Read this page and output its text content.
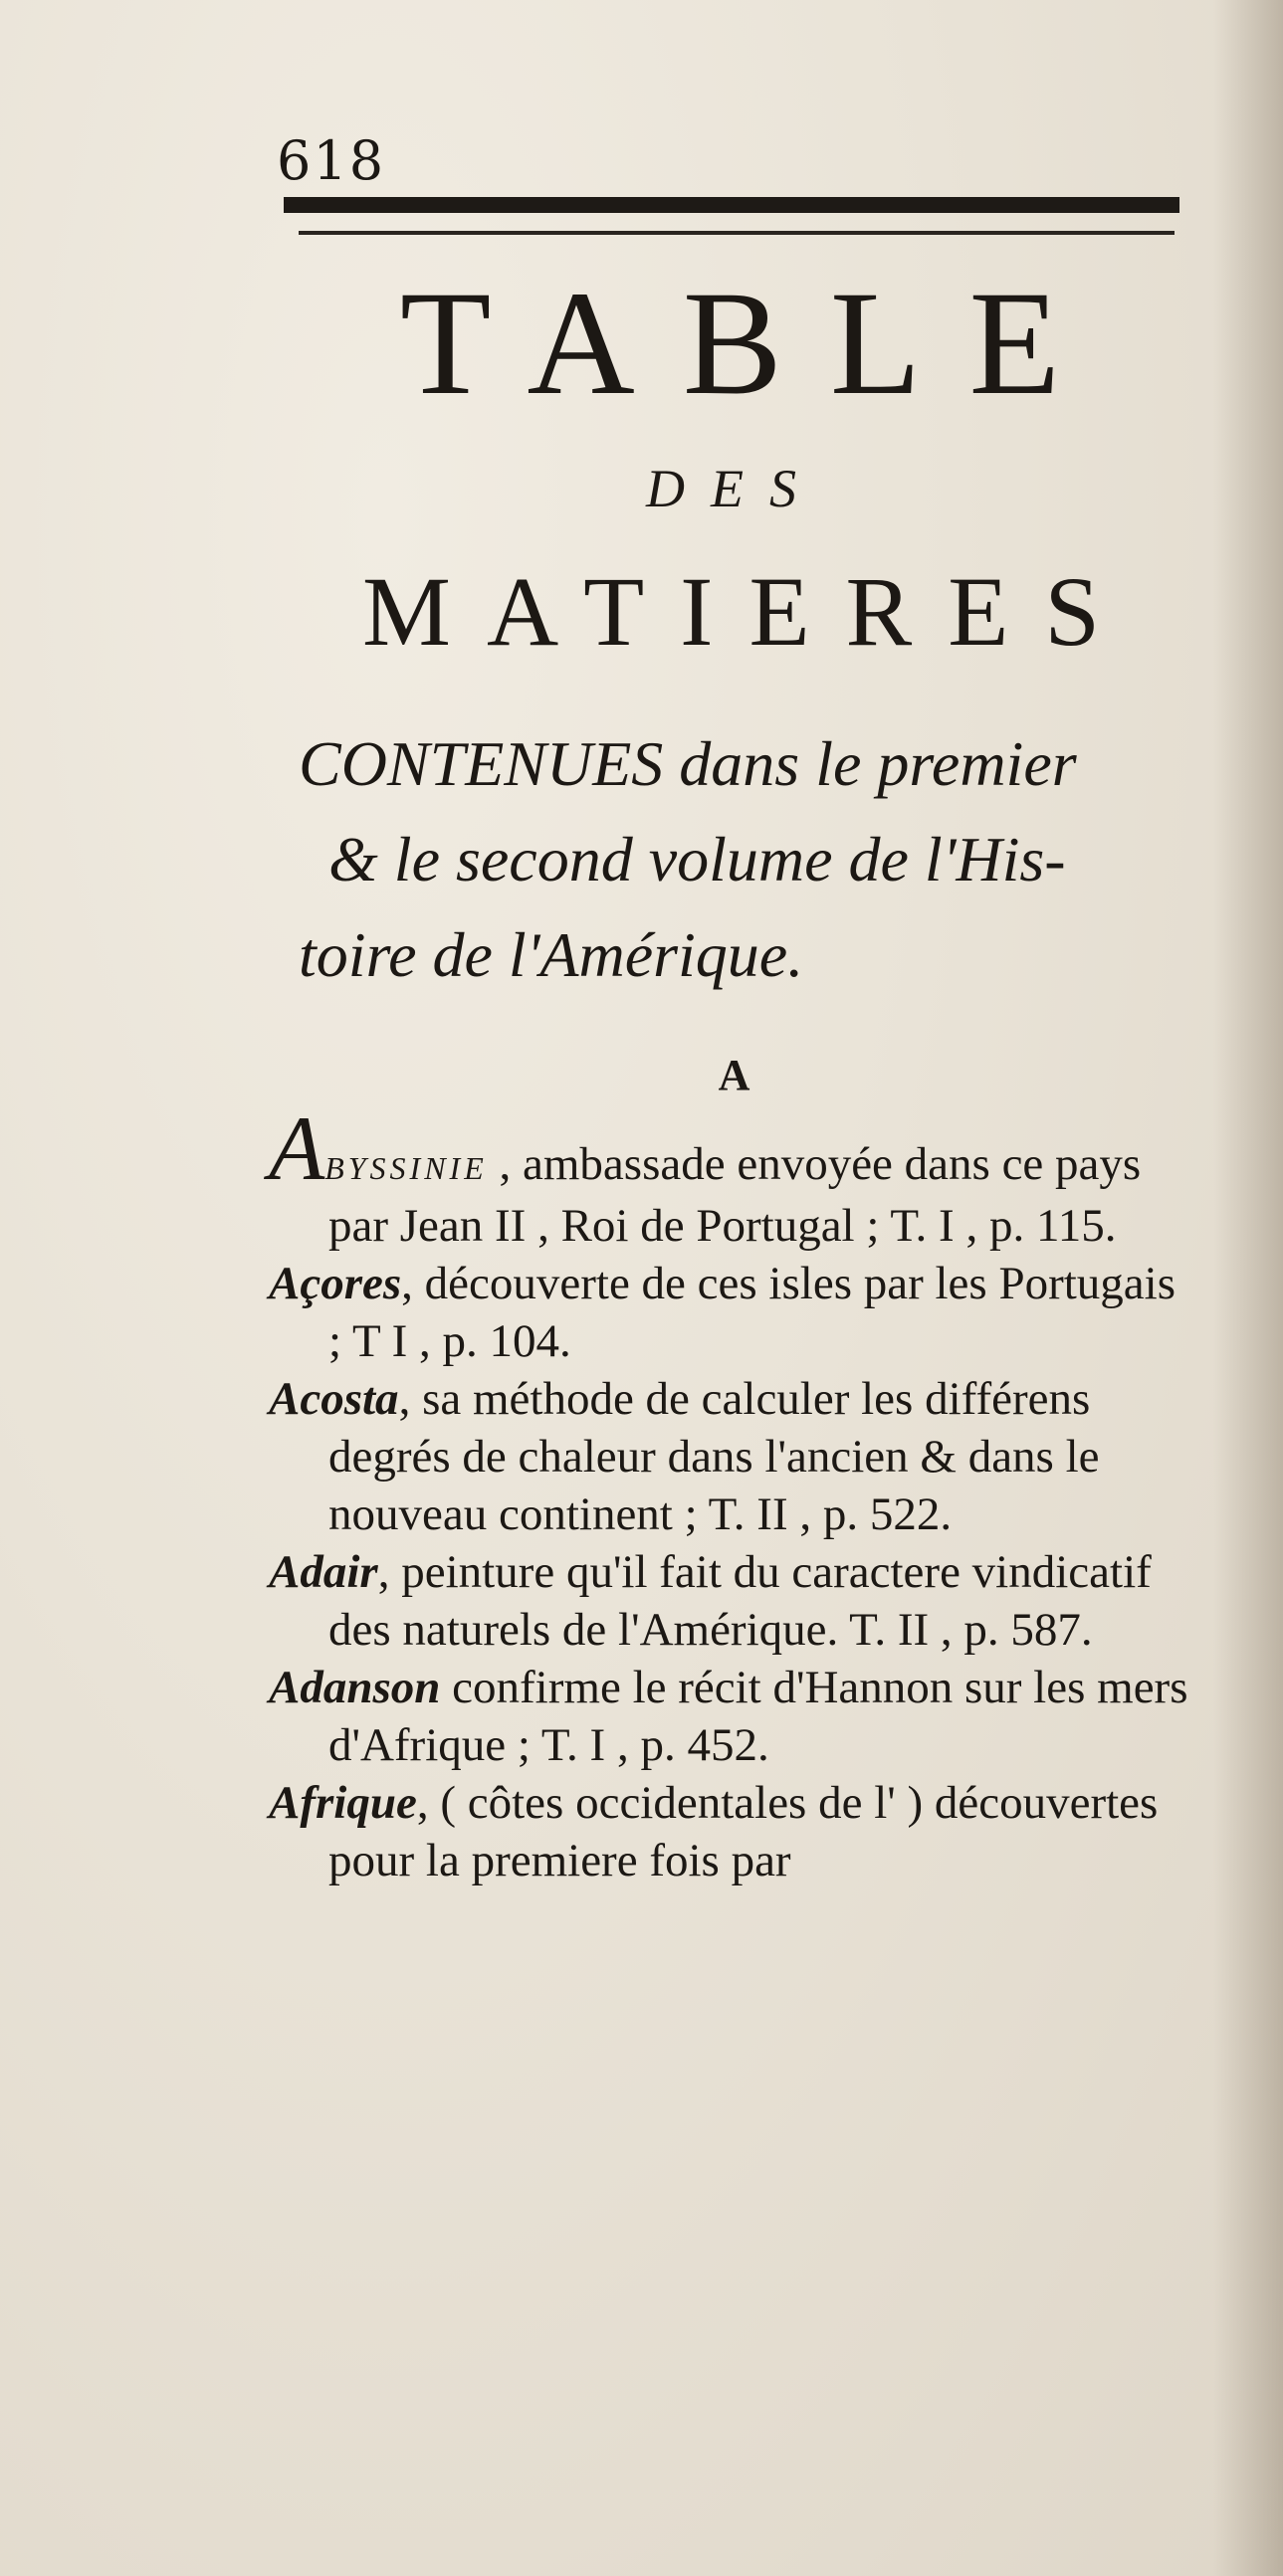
618
TABLE
DES
MATIERES
CONTENUES dans le premier
& le second volume de l'His-
toire de l'Amérique.
A
ABYSSINIE , ambassade envoyée dans ce pays par Jean II , Roi de Portugal ; T. I , p. 115.
Açores, découverte de ces isles par les Portugais ; T I , p. 104.
Acosta, sa méthode de calculer les différens degrés de chaleur dans l'ancien & dans le nouveau continent ; T. II , p. 522.
Adair, peinture qu'il fait du caractere vindicatif des naturels de l'Amérique. T. II , p. 587.
Adanson confirme le récit d'Hannon sur les mers d'Afrique ; T. I , p. 452.
Afrique, ( côtes occidentales de l' ) découvertes pour la premiere fois par
